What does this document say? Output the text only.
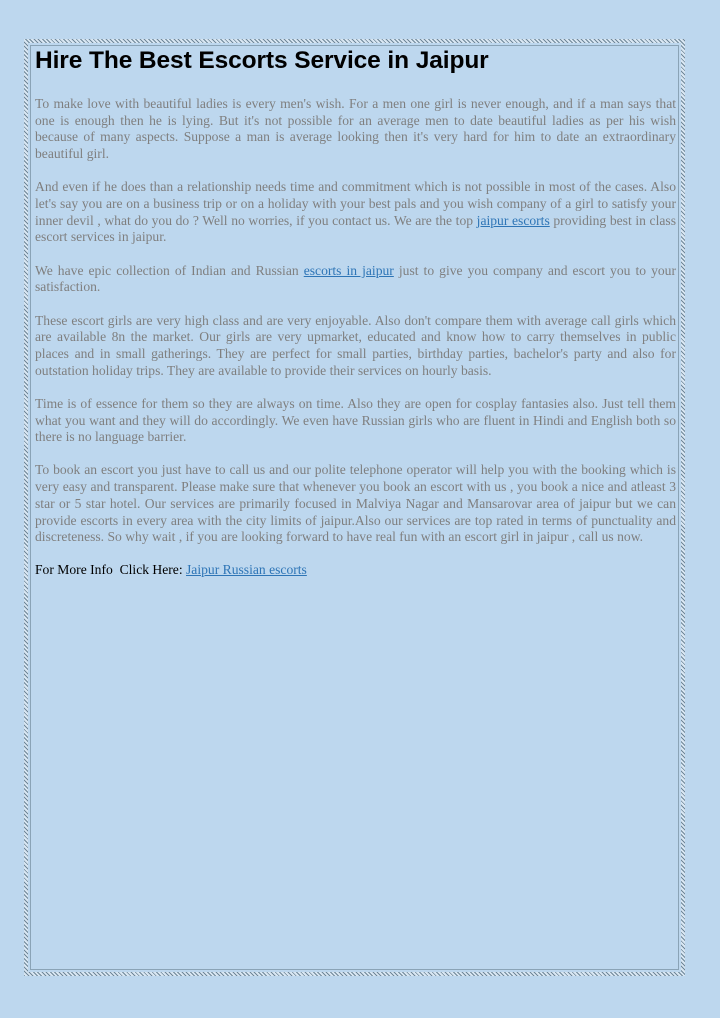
Hire The Best Escorts Service in Jaipur

To make love with beautiful ladies is every men's wish. For a men one girl is never enough, and if a man says that one is enough then he is lying. But it's not possible for an average men to date beautiful ladies as per his wish because of many aspects. Suppose a man is average looking then it's very hard for him to date an extraordinary beautiful girl.

And even if he does than a relationship needs time and commitment which is not possible in most of the cases. Also let's say you are on a business trip or on a holiday with your best pals and you wish company of a girl to satisfy your inner devil , what do you do ? Well no worries, if you contact us. We are the top jaipur escorts providing best in class escort services in jaipur.

We have epic collection of Indian and Russian escorts in jaipur just to give you company and escort you to your satisfaction.

These escort girls are very high class and are very enjoyable. Also don't compare them with average call girls which are available 8n the market. Our girls are very upmarket, educated and know how to carry themselves in public places and in small gatherings. They are perfect for small parties, birthday parties, bachelor's party and also for outstation holiday trips. They are available to provide their services on hourly basis.

Time is of essence for them so they are always on time. Also they are open for cosplay fantasies also. Just tell them what you want and they will do accordingly. We even have Russian girls who are fluent in Hindi and English both so there is no language barrier.

To book an escort you just have to call us and our polite telephone operator will help you with the booking which is very easy and transparent. Please make sure that whenever you book an escort with us , you book a nice and atleast 3 star or 5 star hotel. Our services are primarily focused in Malviya Nagar and Mansarovar area of jaipur but we can provide escorts in every area with the city limits of jaipur.Also our services are top rated in terms of punctuality and discreteness. So why wait , if you are looking forward to have real fun with an escort girl in jaipur , call us now.

For More Info  Click Here: Jaipur Russian escorts
